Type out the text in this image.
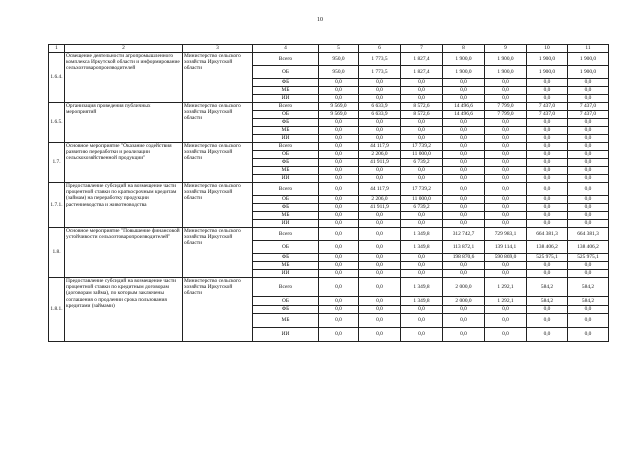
10
1	2	3	4	5	6	7	8	9	10	11
1.6.4.	Освещение деятельности агропромышленного комплекса Иркутской области и информирование сельхозтоваропроизводителей	Министерство сельского хозяйства Иркутской области	Всего	950,0	1 773,5	1 827,4	1 900,0	1 900,0	1 900,0	1 900,0
			ОБ	950,0	1 773,5	1 827,4	1 900,0	1 900,0	1 900,0	1 900,0
			ФБ	0,0	0,0	0,0	0,0	0,0	0,0	0,0
			МБ	0,0	0,0	0,0	0,0	0,0	0,0	0,0
			ИИ	0,0	0,0	0,0	0,0	0,0	0,0	0,0
1.6.5.	Организация проведения публичных мероприятий	Министерство сельского хозяйства Иркутской области	Всего	9 569,0	6 633,9	8 572,6	14 496,6	7 799,0	7 437,0	7 437,0
			ОБ	9 569,0	6 633,9	8 572,6	14 496,6	7 799,0	7 437,0	7 437,0
			ФБ	0,0	0,0	0,0	0,0	0,0	0,0	0,0
			МБ	0,0	0,0	0,0	0,0	0,0	0,0	0,0
			ИИ	0,0	0,0	0,0	0,0	0,0	0,0	0,0
1.7.	Основное мероприятие "Оказание содействия развитию переработки и реализации сельскохозяйственной продукции"	Министерство сельского хозяйства Иркутской области	Всего	0,0	44 117,9	17 739,2	0,0	0,0	0,0	0,0
			ОБ	0,0	2 206,0	11 000,0	0,0	0,0	0,0	0,0
			ФБ	0,0	41 911,9	6 739,2	0,0	0,0	0,0	0,0
			МБ	0,0	0,0	0,0	0,0	0,0	0,0	0,0
			ИИ	0,0	0,0	0,0	0,0	0,0	0,0	0,0
1.7.1.	Предоставление субсидий на возмещение части процентной ставки по краткосрочным кредитам (займам) на переработку продукции растениеводства и животноводства	Министерство сельского хозяйства Иркутской области	Всего	0,0	44 117,9	17 739,2	0,0	0,0	0,0	0,0
			ОБ	0,0	2 206,0	11 000,0	0,0	0,0	0,0	0,0
			ФБ	0,0	41 911,9	6 739,2	0,0	0,0	0,0	0,0
			МБ	0,0	0,0	0,0	0,0	0,0	0,0	0,0
			ИИ	0,0	0,0	0,0	0,0	0,0	0,0	0,0
1.8.	Основное мероприятие "Повышение финансовой устойчивости сельхозтоваропроизводителей"	Министерство сельского хозяйства Иркутской области	Всего	0,0	0,0	1 349,8	312 742,7	729 983,1	664 381,3	664 381,3
			ОБ	0,0	0,0	1 349,8	113 872,1	139 114,1	138 406,2	138 406,2
			ФБ	0,0	0,0	0,0	198 870,6	590 869,0	525 975,1	525 975,1
			МБ	0,0	0,0	0,0	0,0	0,0	0,0	0,0
			ИИ	0,0	0,0	0,0	0,0	0,0	0,0	0,0
1.8.1.	Предоставление субсидий на возмещение части процентной ставки по кредитным договорам (договорам займа), по которым заключены соглашения о продлении срока пользования кредитами (займами)	Министерство сельского хозяйства Иркутской области	Всего	0,0	0,0	1 349,8	2 000,0	1 292,1	584,2	584,2
			ОБ	0,0	0,0	1 349,8	2 000,0	1 292,1	584,2	584,2
			ФБ	0,0	0,0	0,0	0,0	0,0	0,0	0,0
			МБ	0,0	0,0	0,0	0,0	0,0	0,0	0,0
			ИИ	0,0	0,0	0,0	0,0	0,0	0,0	0,0
